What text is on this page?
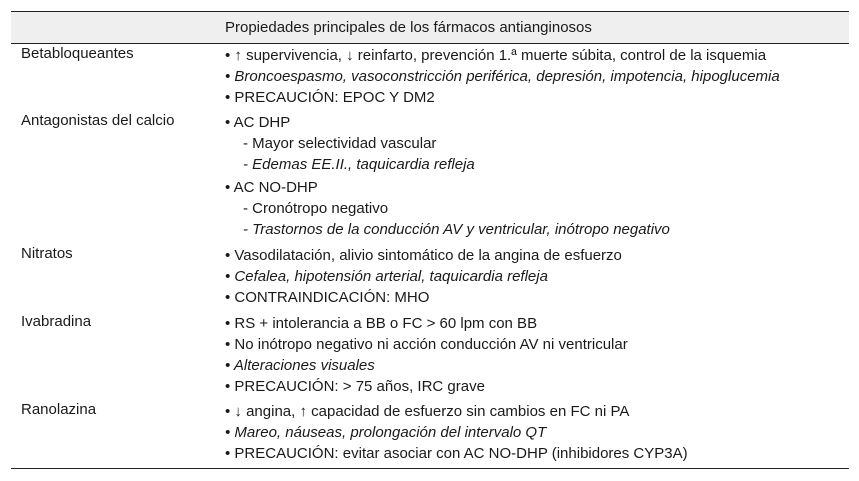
Propiedades principales de los fármacos antianginosos
Betabloqueantes	• ↑ supervivencia, ↓ reinfarto, prevención 1.ª muerte súbita, control de la isquemia
• Broncoespasmo, vasoconstricción periférica, depresión, impotencia, hipoglucemia
• PRECAUCIÓN: EPOC Y DM2
Antagonistas del calcio	• AC DHP
- Mayor selectividad vascular
- Edemas EE.II., taquicardia refleja
• AC NO-DHP
- Cronótropo negativo
- Trastornos de la conducción AV y ventricular, inótropo negativo
Nitratos	• Vasodilatación, alivio sintomático de la angina de esfuerzo
• Cefalea, hipotensión arterial, taquicardia refleja
• CONTRAINDICACIÓN: MHO
Ivabradina	• RS + intolerancia a BB o FC > 60 lpm con BB
• No inótropo negativo ni acción conducción AV ni ventricular
• Alteraciones visuales
• PRECAUCIÓN: > 75 años, IRC grave
Ranolazina	• ↓ angina, ↑ capacidad de esfuerzo sin cambios en FC ni PA
• Mareo, náuseas, prolongación del intervalo QT
• PRECAUCIÓN: evitar asociar con AC NO-DHP (inhibidores CYP3A)
